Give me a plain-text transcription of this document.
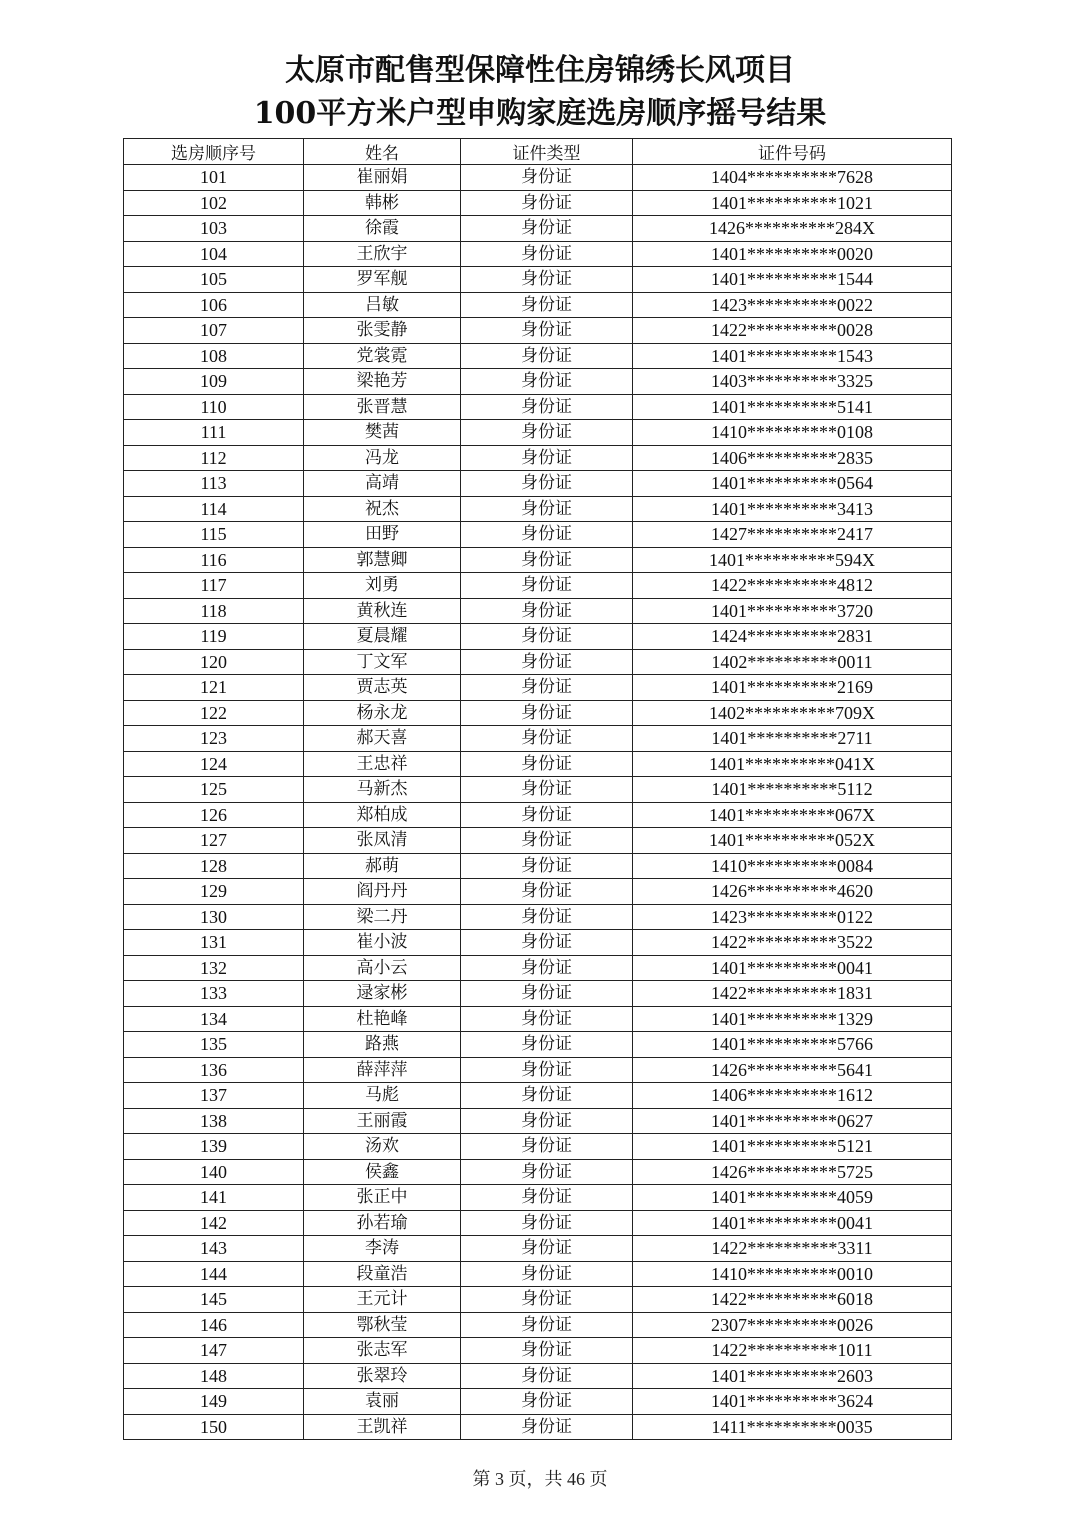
太原市配售型保障性住房锦绣长风项目
100平方米户型申购家庭选房顺序摇号结果
选房顺序号	姓名	证件类型	证件号码
101	崔丽娟	身份证	1404**********7628
102	韩彬	身份证	1401**********1021
103	徐霞	身份证	1426**********284X
104	王欣宇	身份证	1401**********0020
105	罗军舰	身份证	1401**********1544
106	吕敏	身份证	1423**********0022
107	张雯静	身份证	1422**********0028
108	党裳霓	身份证	1401**********1543
109	梁艳芳	身份证	1403**********3325
110	张晋慧	身份证	1401**********5141
111	樊茜	身份证	1410**********0108
112	冯龙	身份证	1406**********2835
113	高靖	身份证	1401**********0564
114	祝杰	身份证	1401**********3413
115	田野	身份证	1427**********2417
116	郭慧卿	身份证	1401**********594X
117	刘勇	身份证	1422**********4812
118	黄秋连	身份证	1401**********3720
119	夏晨耀	身份证	1424**********2831
120	丁文军	身份证	1402**********0011
121	贾志英	身份证	1401**********2169
122	杨永龙	身份证	1402**********709X
123	郝天喜	身份证	1401**********2711
124	王忠祥	身份证	1401**********041X
125	马新杰	身份证	1401**********5112
126	郑柏成	身份证	1401**********067X
127	张凤清	身份证	1401**********052X
128	郝萌	身份证	1410**********0084
129	阎丹丹	身份证	1426**********4620
130	梁二丹	身份证	1423**********0122
131	崔小波	身份证	1422**********3522
132	高小云	身份证	1401**********0041
133	逯家彬	身份证	1422**********1831
134	杜艳峰	身份证	1401**********1329
135	路燕	身份证	1401**********5766
136	薛萍萍	身份证	1426**********5641
137	马彪	身份证	1406**********1612
138	王丽霞	身份证	1401**********0627
139	汤欢	身份证	1401**********5121
140	侯鑫	身份证	1426**********5725
141	张正中	身份证	1401**********4059
142	孙若瑜	身份证	1401**********0041
143	李涛	身份证	1422**********3311
144	段童浩	身份证	1410**********0010
145	王元计	身份证	1422**********6018
146	鄂秋莹	身份证	2307**********0026
147	张志军	身份证	1422**********1011
148	张翠玲	身份证	1401**********2603
149	袁丽	身份证	1401**********3624
150	王凯祥	身份证	1411**********0035
第 3 页，共 46 页
